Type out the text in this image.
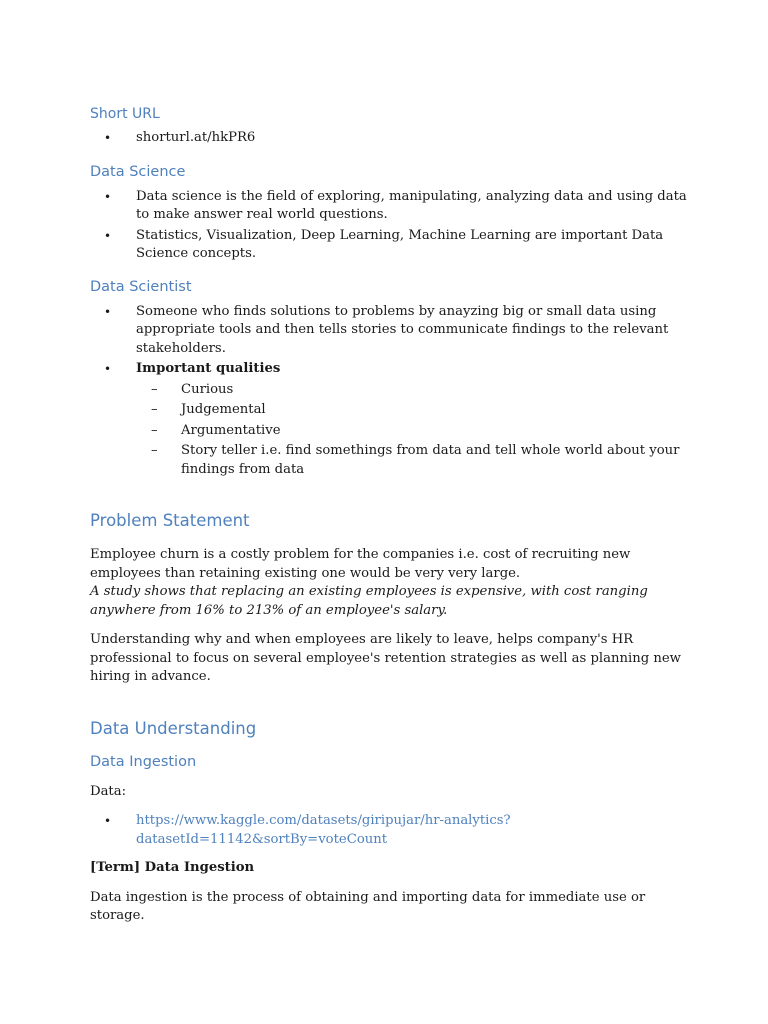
Short URL
• shorturl.at/hkPR6
Data Science
• Data science is the field of exploring, manipulating, analyzing data and using data to make answer real world questions.
• Statistics, Visualization, Deep Learning, Machine Learning are important Data Science concepts.
Data Scientist
• Someone who finds solutions to problems by anayzing big or small data using appropriate tools and then tells stories to communicate findings to the relevant stakeholders.
• Important qualities
– Curious
– Judgemental
– Argumentative
– Story teller i.e. find somethings from data and tell whole world about your findings from data
Problem Statement

Employee churn is a costly problem for the companies i.e. cost of recruiting new employees than retaining existing one would be very very large.

A study shows that replacing an existing employees is expensive, with cost ranging anywhere from 16% to 213% of an employee's salary.

Understanding why and when employees are likely to leave, helps company's HR professional to focus on several employee's retention strategies as well as planning new hiring in advance.

Data Understanding
Data Ingestion

Data:

• https://www.kaggle.com/datasets/giripujar/hr-analytics?datasetId=11142&sortBy=voteCount

[Term] Data Ingestion

Data ingestion is the process of obtaining and importing data for immediate use or storage.
